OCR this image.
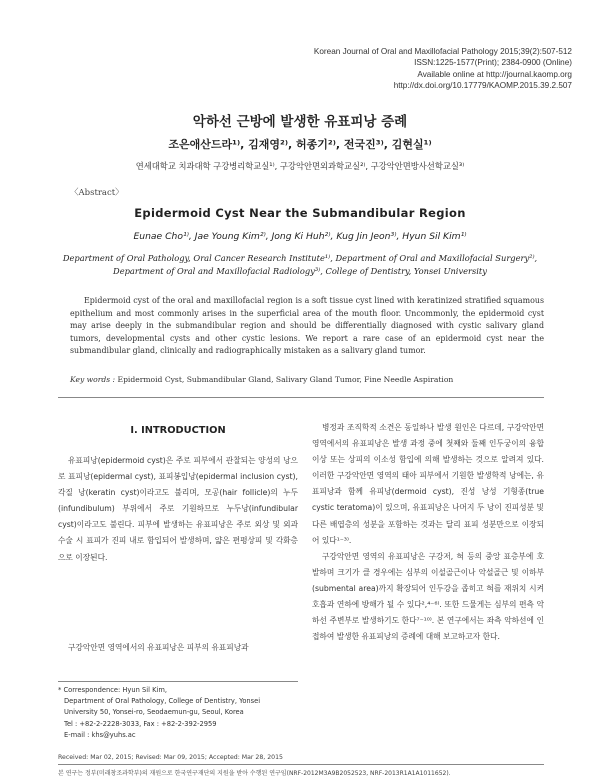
Korean Journal of Oral and Maxillofacial Pathology 2015;39(2):507-512
ISSN:1225-1577(Print); 2384-0900 (Online)
Available online at http://journal.kaomp.org
http://dx.doi.org/10.17779/KAOMP.2015.39.2.507
악하선 근방에 발생한 유표피낭 증례
조은애산드라¹⁾, 김재영²⁾, 허종기²⁾, 전국진³⁾, 김현실¹⁾
연세대학교 치과대학 구강병리학교실¹⁾, 구강악안면외과학교실²⁾, 구강악안면방사선학교실³⁾
〈Abstract〉
Epidermoid Cyst Near the Submandibular Region
Eunae Cho¹⁾, Jae Young Kim²⁾, Jong Ki Huh²⁾, Kug Jin Jeon³⁾, Hyun Sil Kim¹⁾
Department of Oral Pathology, Oral Cancer Research Institute¹⁾, Department of Oral and Maxillofacial Surgery²⁾,
Department of Oral and Maxillofacial Radiology³⁾, College of Dentistry, Yonsei University
Epidermoid cyst of the oral and maxillofacial region is a soft tissue cyst lined with keratinized stratified squamous epithelium and most commonly arises in the superficial area of the mouth floor. Uncommonly, the epidermoid cyst may arise deeply in the submandibular region and should be differentially diagnosed with cystic salivary gland tumors, developmental cysts and other cystic lesions. We report a rare case of an epidermoid cyst near the submandibular gland, clinically and radiographically mistaken as a salivary gland tumor.
Key words : Epidermoid Cyst, Submandibular Gland, Salivary Gland Tumor, Fine Needle Aspiration
Ⅰ. INTRODUCTION

유표피낭(epidermoid cyst)은 주로 피부에서 관찰되는 양성의 낭으로 표피낭(epidermal cyst), 표피봉입낭(epidermal inclusion cyst), 각질 낭(keratin cyst)이라고도 불리며, 모공(hair follicle)의 누두(infundibulum) 부위에서 주로 기원하므로 누두낭(infundibular cyst)이라고도 불린다. 피부에 발생하는 유표피낭은 주로 외상 및 외과 수술 시 표피가 진피 내로 함입되어 발생하며, 얇은 편평상피 및 각화층으로 이장된다.

구강악안면 영역에서의 유표피낭은 피부의 유표피낭과

병정과 조직학적 소견은 동일하나 발생 원인은 다르데, 구강악안면 영역에서의 유표피낭은 발생 과정 중에 첫째와 둘째 인두궁이의 융합 이상 또는 상피의 이소성 함입에 의해 발생하는 것으로 알려져 있다. 이러한 구강악안면 영역의 태아 피부에서 기원한 발생학적 낭에는, 유표피낭과 함께 유피낭(dermoid cyst), 진성 낭성 기형종(true cystic teratoma)이 있으며, 유표피낭은 나머지 두 낭이 진피성분 및 다른 배엽층의 성분을 포함하는 것과는 달리 표피 성분만으로 이장되어 있다¹⁻³⁾.

구강악안면 영역의 유표피낭은 구강저, 혀 등의 중앙 표층부에 호발하며 크기가 클 경우에는 심부의 이설골근이나 악설골근 및 이하부(submental area)까지 확장되어 인두강을 좁히고 혀를 재위치 시켜 호흡과 연하에 방해가 될 수 있다²,⁴⁻⁶⁾. 또한 드물게는 심부의 편측 악하선 주변부로 발생하기도 한다⁷⁻¹⁰⁾. 본 연구에서는 좌측 악하선에 인접하여 발생한 유표피낭의 증례에 대해 보고하고자 한다.

* Correspondence: Hyun Sil Kim,
Department of Oral Pathology, College of Dentistry, Yonsei
University 50, Yonsei-ro, Seodaemun-gu, Seoul, Korea
Tel : +82-2-2228-3033, Fax : +82-2-392-2959
E-mail : khs@yuhs.ac
Received: Mar 02, 2015; Revised: Mar 09, 2015; Accepted: Mar 28, 2015
본 연구는 정부(미래창조과학부)의 재원으로 한국연구재단의 지원을 받아 수행된 연구임(NRF-2012M3A9B2052523, NRF-2013R1A1A1011652).
